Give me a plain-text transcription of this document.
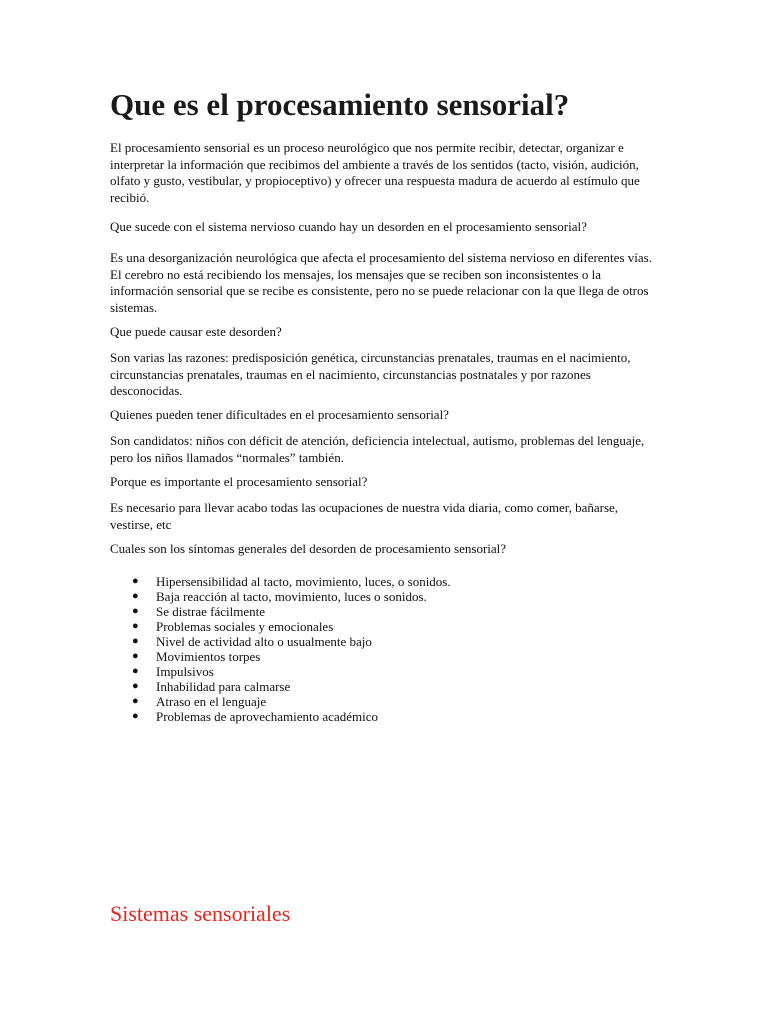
Que es el procesamiento sensorial?

El procesamiento sensorial es un proceso neurológico que nos permite recibir, detectar, organizar e interpretar la información que recibimos del ambiente a través de los sentidos (tacto, visión, audición, olfato y gusto, vestibular, y propioceptivo) y ofrecer una respuesta madura de acuerdo al estímulo que recibió.

Que sucede con el sistema nervioso cuando hay un desorden en el procesamiento sensorial?

Es una desorganización neurológica que afecta el procesamiento del sistema nervioso en diferentes vías. El cerebro no está recibiendo los mensajes, los mensajes que se reciben son inconsistentes o la información sensorial que se recibe es consistente, pero no se puede relacionar con la que llega de otros sistemas.

Que puede causar este desorden?

Son varias las razones: predisposición genética, circunstancias prenatales, traumas en el nacimiento, circunstancias prenatales, traumas en el nacimiento, circunstancias postnatales y por razones desconocidas.

Quienes pueden tener dificultades en el procesamiento sensorial?

Son candidatos: niños con déficit de atención, deficiencia intelectual, autismo, problemas del lenguaje, pero los niños llamados “normales” también.

Porque es importante el procesamiento sensorial?

Es necesario para llevar acabo todas las ocupaciones de nuestra vida diaria, como comer, bañarse, vestirse, etc

Cuales son los síntomas generales del desorden de procesamiento sensorial?

● Hipersensibilidad al tacto, movimiento, luces, o sonidos.
● Baja reacción al tacto, movimiento, luces o sonidos.
● Se distrae fácilmente
● Problemas sociales y emocionales
● Nivel de actividad alto o usualmente bajo
● Movimientos torpes
● Impulsivos
● Inhabilidad para calmarse
● Atraso en el lenguaje
● Problemas de aprovechamiento académico
Sistemas sensoriales
